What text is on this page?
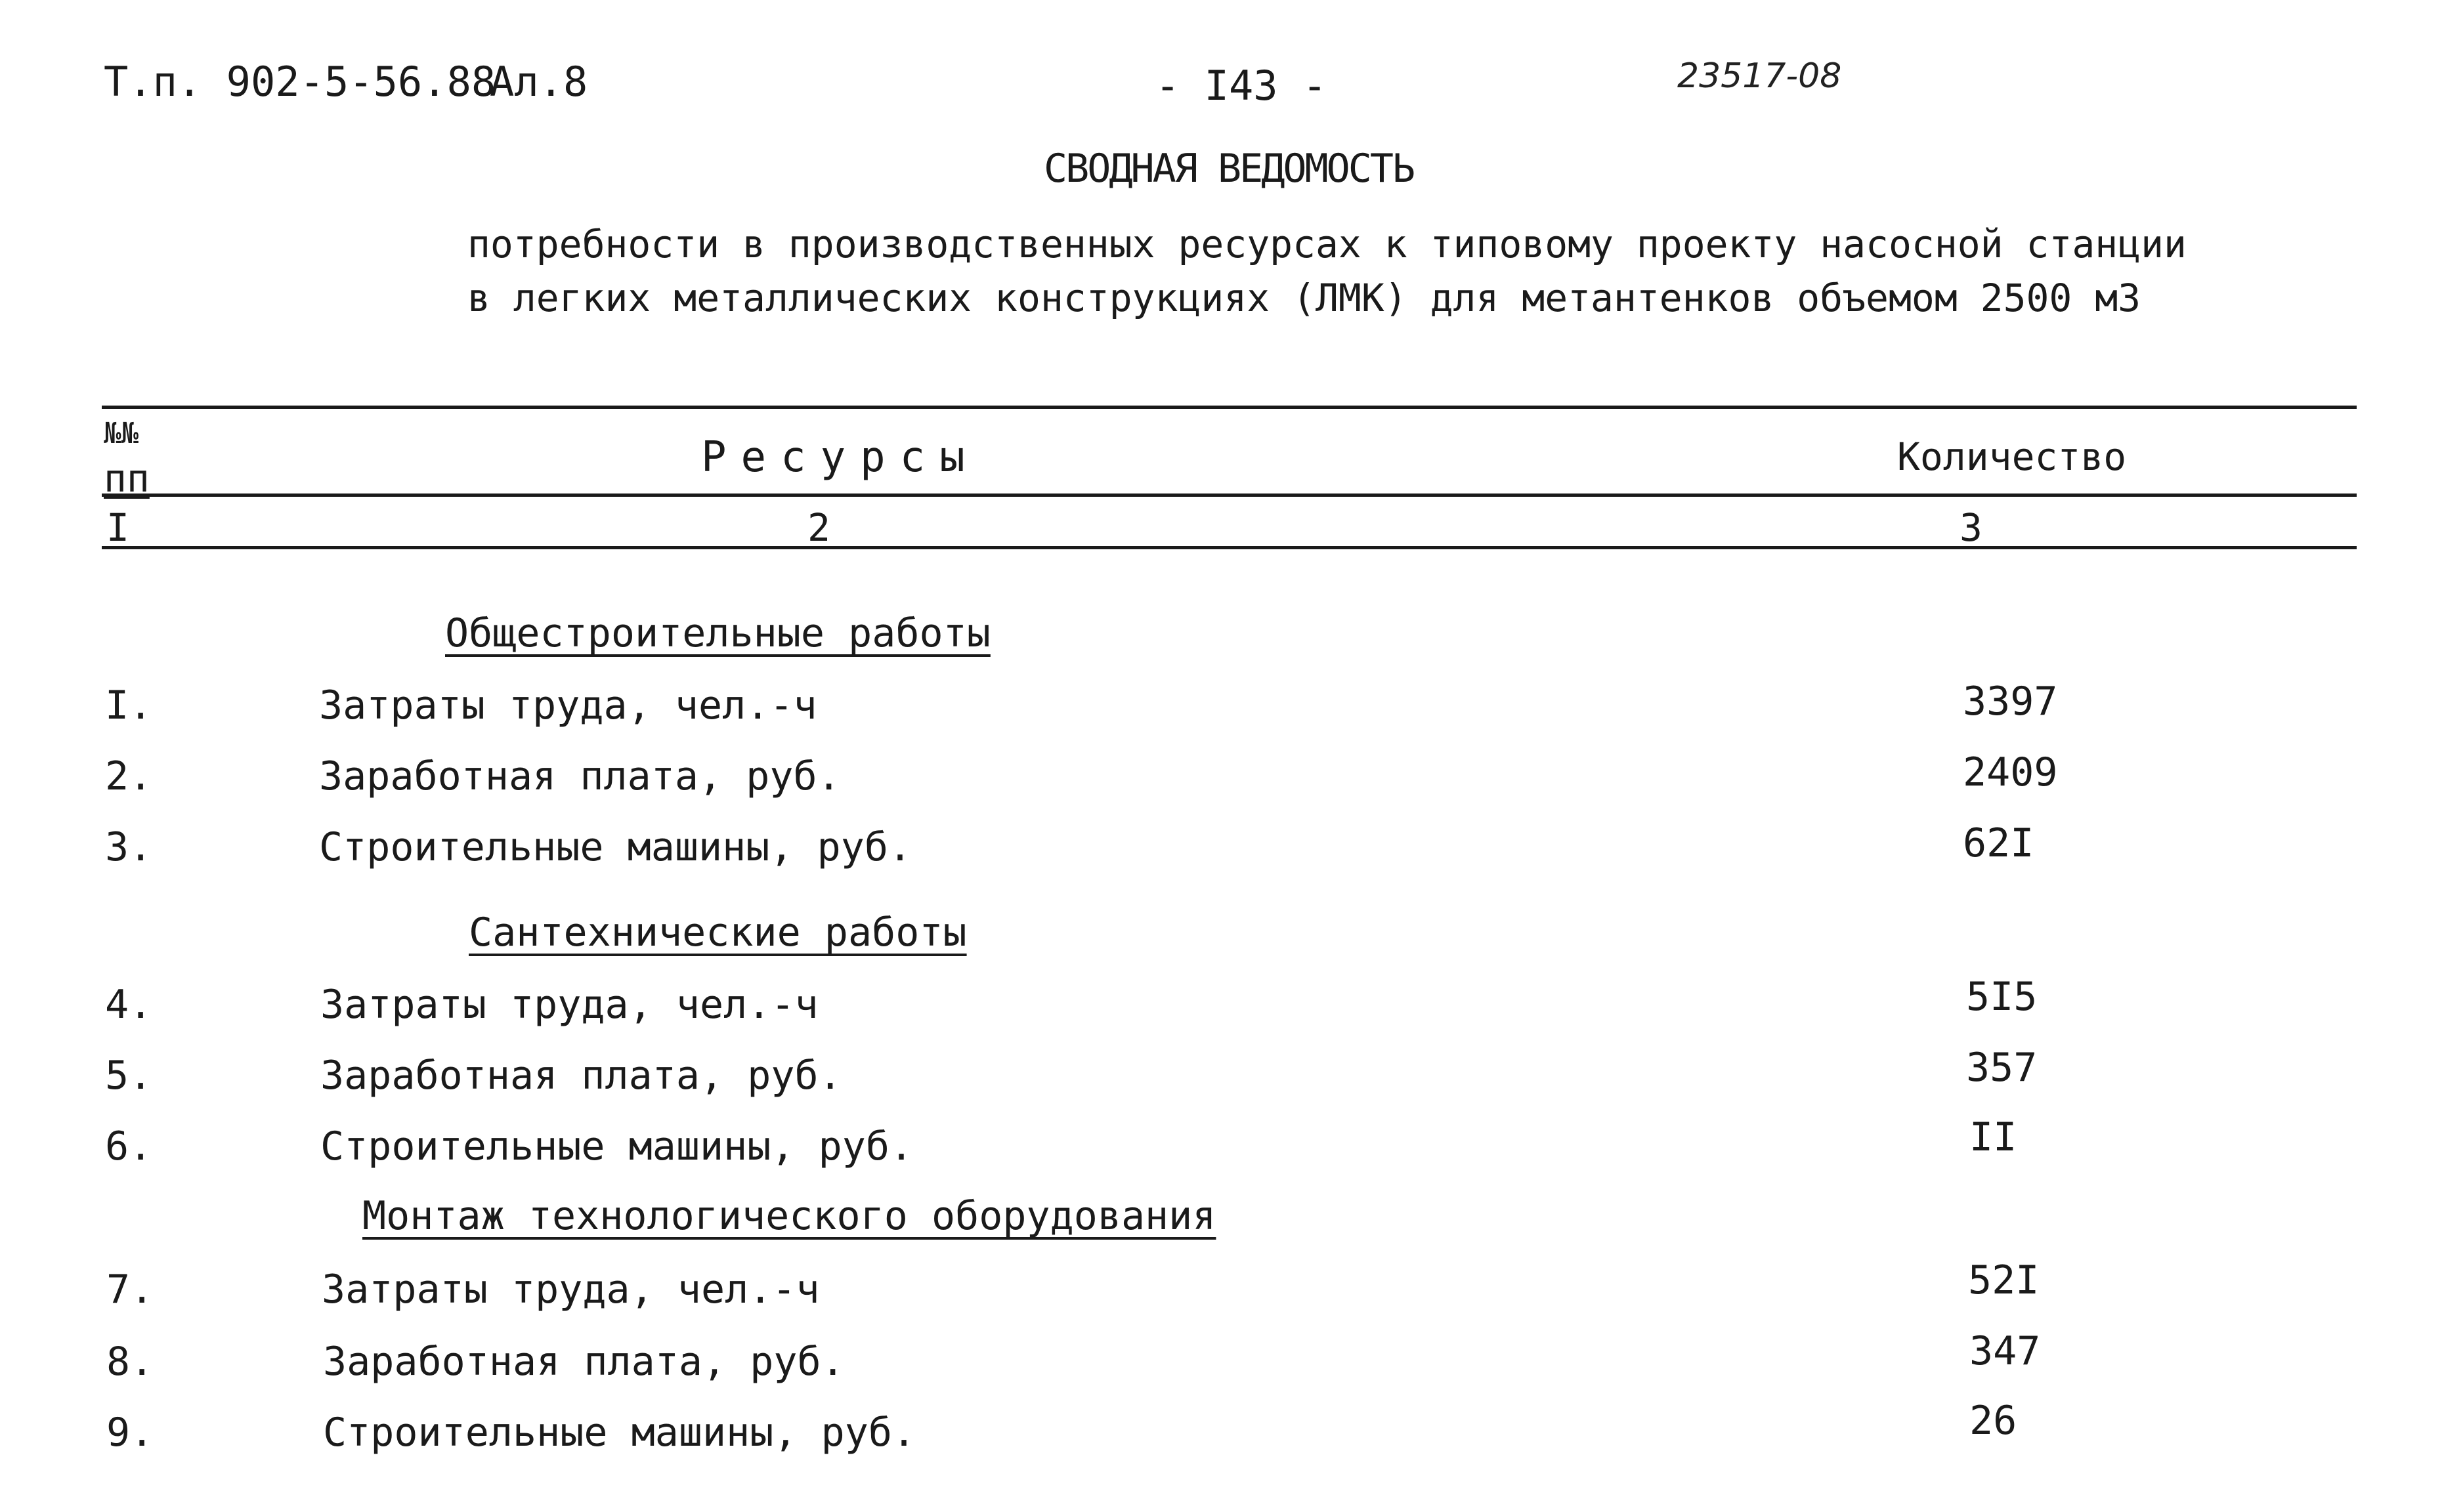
Т.п. 902-5-56.88
Ал.8	- I43 -	23517-08
СВОДНАЯ ВЕДОМОСТЬ
потребности в производственных ресурсах к типовому проекту насосной станции
в легких металлических конструкциях (ЛМК) для метантенков объемом 2500 м3
№№
пп	Ресурсы	Количество
I	2	3
Общестроительные работы
I.	Затраты труда, чел.-ч	3397
2.	Заработная плата, руб.	2409
3.	Строительные машины, руб.	62I
Сантехнические работы
4.	Затраты труда, чел.-ч	5I5
5.	Заработная плата, руб.	357
6.	Строительные машины, руб.	II
Монтаж технологического оборудования
7.	Затраты труда, чел.-ч	52I
8.	Заработная плата, руб.	347
9.	Строительные машины, руб.	26
